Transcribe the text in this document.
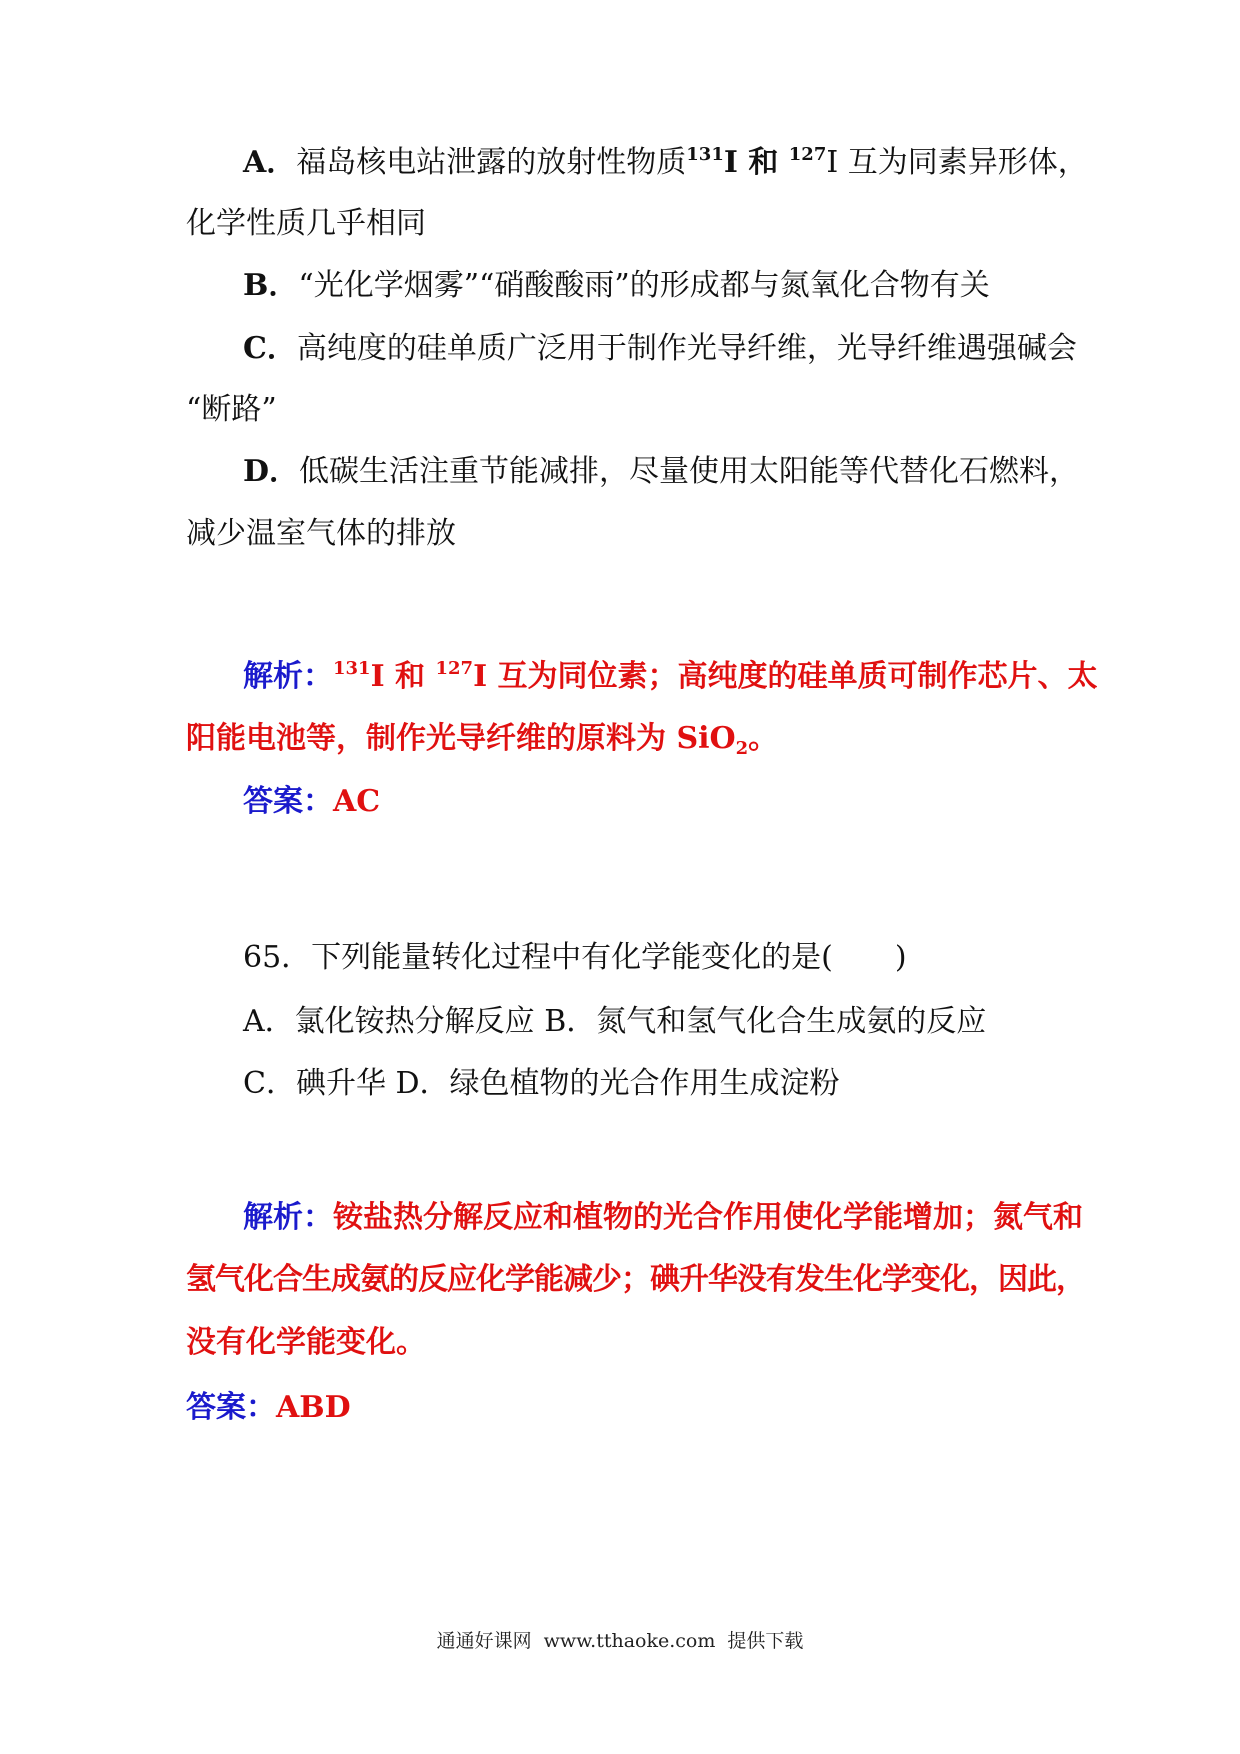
A．福岛核电站泄露的放射性物质$^{131}$I 和 $^{127}$I 互为同素异形体，
化学性质几乎相同
B．“光化学烟雾”“硝酸酸雨”的形成都与氮氧化合物有关
C．高纯度的硅单质广泛用于制作光导纤维，光导纤维遇强碱会
“断路”
D．低碳生活注重节能减排，尽量使用太阳能等代替化石燃料，
减少温室气体的排放
解析：$^{131}$I 和 $^{127}$I 互为同位素；高纯度的硅单质可制作芯片、太
阳能电池等，制作光导纤维的原料为 SiO$_2$。
答案：AC
65．下列能量转化过程中有化学能变化的是( )
A．氯化铵热分解反应 B．氮气和氢气化合生成氨的反应
C．碘升华 D．绿色植物的光合作用生成淀粉
解析：铵盐热分解反应和植物的光合作用使化学能增加；氮气和
氢气化合生成氨的反应化学能减少；碘升华没有发生化学变化，因此，
没有化学能变化。
答案：ABD
通通好课网 www.tthaoke.com 提供下载
